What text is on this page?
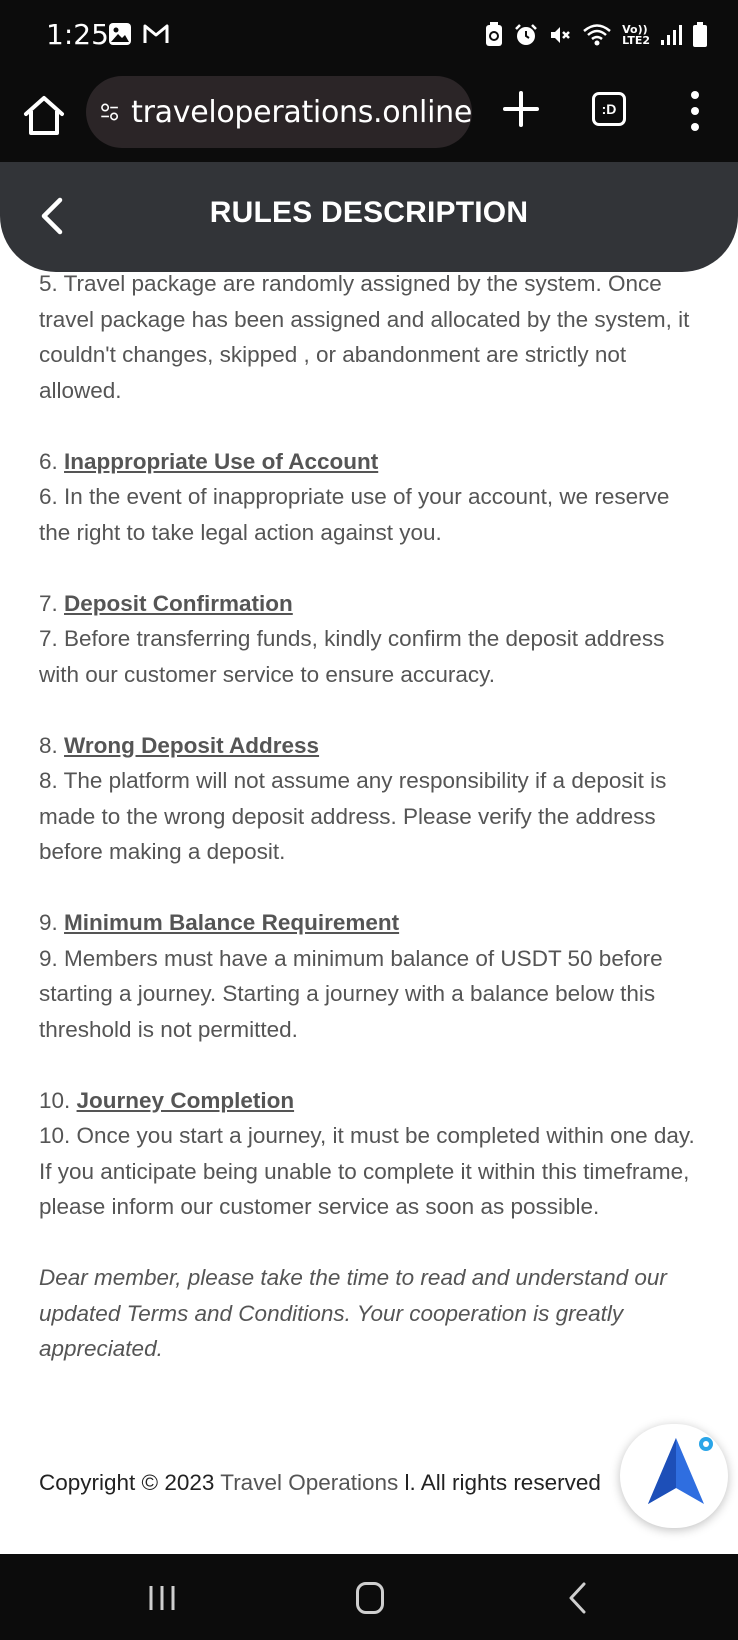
1:25	Vo))
LTE2
traveloperations.online	:D
RULES DESCRIPTION

5. Travel package are randomly assigned by the system. Once travel package has been assigned and allocated by the system, it couldn't changes, skipped , or abandonment are strictly not allowed.

6. Inappropriate Use of Account

6. In the event of inappropriate use of your account, we reserve the right to take legal action against you.

7. Deposit Confirmation

7. Before transferring funds, kindly confirm the deposit address with our customer service to ensure accuracy.

8. Wrong Deposit Address

8. The platform will not assume any responsibility if a deposit is made to the wrong deposit address. Please verify the address before making a deposit.

9. Minimum Balance Requirement

9. Members must have a minimum balance of USDT 50 before starting a journey. Starting a journey with a balance below this threshold is not permitted.

10. Journey Completion

10. Once you start a journey, it must be completed within one day. If you anticipate being unable to complete it within this timeframe, please inform our customer service as soon as possible.

Dear member, please take the time to read and understand our updated Terms and Conditions. Your cooperation is greatly appreciated.

Copyright © 2023 Travel Operations l. All rights reserved
